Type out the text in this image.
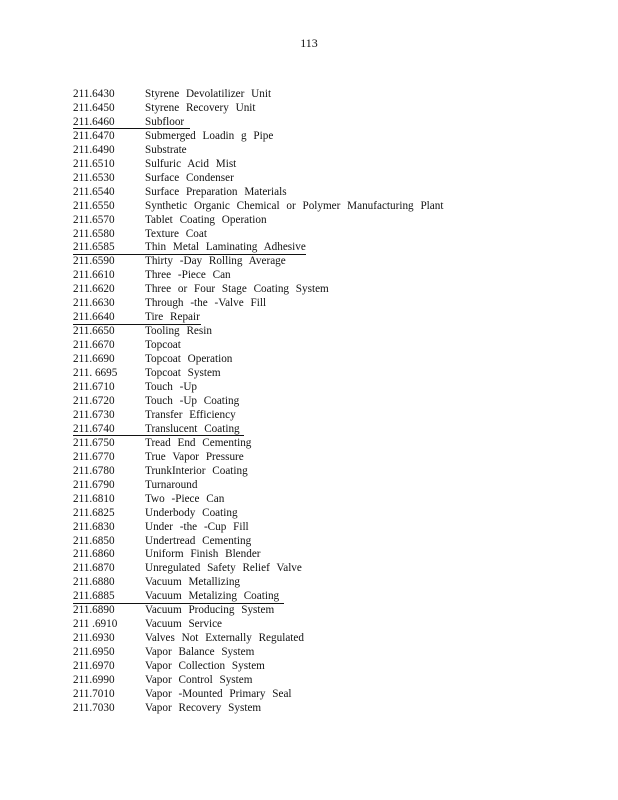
113
211.6430	Styrene Devolatilizer Unit
211.6450	Styrene Recovery Unit
211.6460	Subfloor
211.6470	Submerged Loadin g Pipe
211.6490	Substrate
211.6510	Sulfuric Acid Mist
211.6530	Surface Condenser
211.6540	Surface Preparation Materials
211.6550	Synthetic Organic Chemical or Polymer Manufacturing Plant
211.6570	Tablet Coating Operation
211.6580	Texture Coat
211.6585	Thin Metal Laminating Adhesive
211.6590	Thirty -Day Rolling Average
211.6610	Three -Piece Can
211.6620	Three or Four Stage Coating System
211.6630	Through -the -Valve Fill
211.6640	Tire Repair
211.6650	Tooling Resin
211.6670	Topcoat
211.6690	Topcoat Operation
211. 6695	Topcoat System
211.6710	Touch -Up
211.6720	Touch -Up Coating
211.6730	Transfer Efficiency
211.6740	Translucent Coating
211.6750	Tread End Cementing
211.6770	True Vapor Pressure
211.6780	TrunkInterior Coating
211.6790	Turnaround
211.6810	Two -Piece Can
211.6825	Underbody Coating
211.6830	Under -the -Cup Fill
211.6850	Undertread Cementing
211.6860	Uniform Finish Blender
211.6870	Unregulated Safety Relief Valve
211.6880	Vacuum Metallizing
211.6885	Vacuum Metalizing Coating
211.6890	Vacuum Producing System
211 .6910	Vacuum Service
211.6930	Valves Not Externally Regulated
211.6950	Vapor Balance System
211.6970	Vapor Collection System
211.6990	Vapor Control System
211.7010	Vapor -Mounted Primary Seal
211.7030	Vapor Recovery System
